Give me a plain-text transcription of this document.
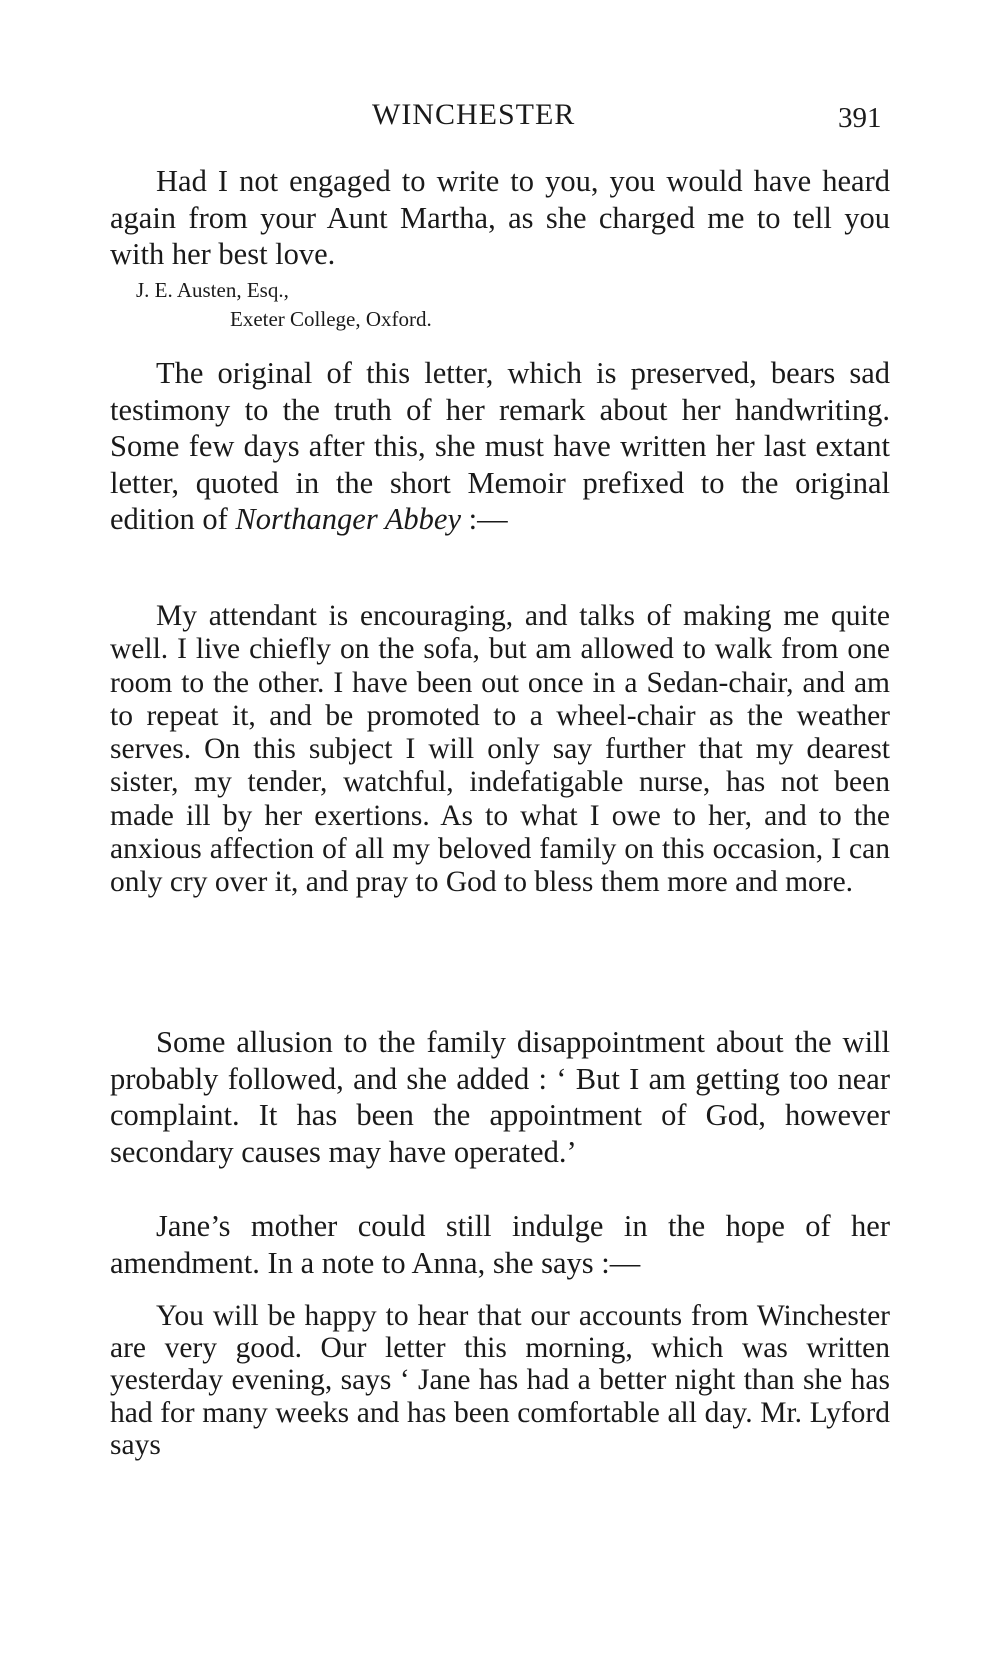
WINCHESTER	391

Had I not engaged to write to you, you would have heard again from your Aunt Martha, as she charged me to tell you with her best love.

J. E. Austen, Esq.,
Exeter College, Oxford.

The original of this letter, which is preserved, bears sad testimony to the truth of her remark about her handwriting. Some few days after this, she must have written her last extant letter, quoted in the short Memoir prefixed to the original edition of Northanger Abbey :—

My attendant is encouraging, and talks of making me quite well. I live chiefly on the sofa, but am allowed to walk from one room to the other. I have been out once in a Sedan-chair, and am to repeat it, and be promoted to a wheel-chair as the weather serves. On this subject I will only say further that my dearest sister, my tender, watchful, indefatigable nurse, has not been made ill by her exertions. As to what I owe to her, and to the anxious affection of all my beloved family on this occasion, I can only cry over it, and pray to God to bless them more and more.

Some allusion to the family disappointment about the will probably followed, and she added : ‘ But I am getting too near complaint. It has been the appointment of God, however secondary causes may have operated.’

Jane’s mother could still indulge in the hope of her amendment. In a note to Anna, she says :—

You will be happy to hear that our accounts from Winchester are very good. Our letter this morning, which was written yesterday evening, says ‘ Jane has had a better night than she has had for many weeks and has been comfortable all day. Mr. Lyford says
